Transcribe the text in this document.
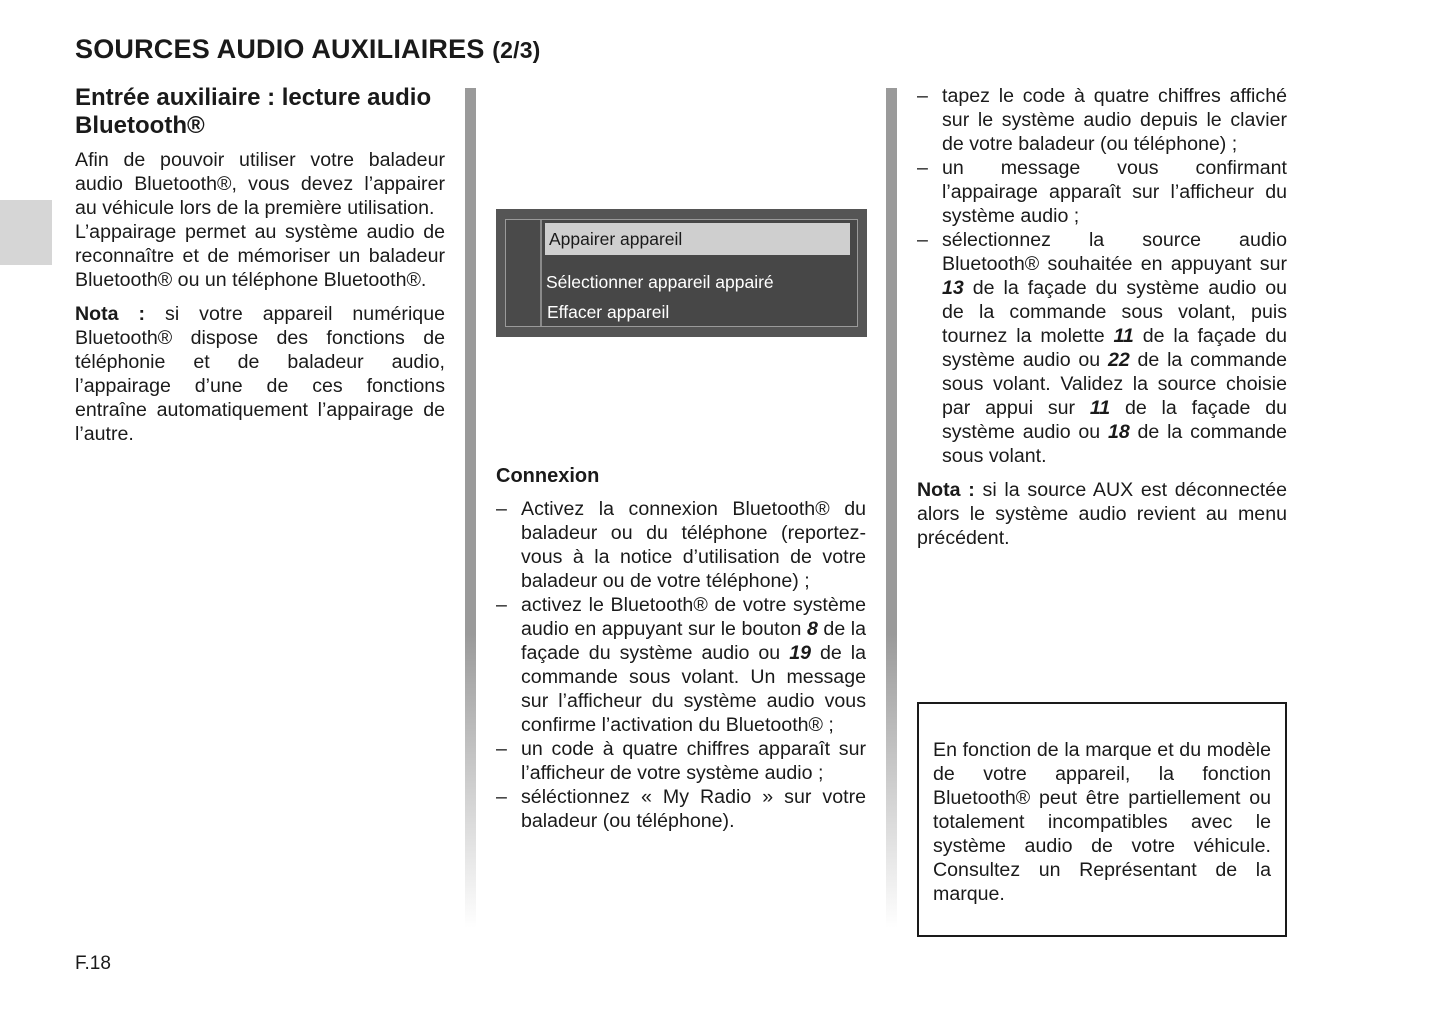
SOURCES AUDIO AUXILIAIRES (2/3)
Entrée auxiliaire : lecture audio Bluetooth®

Afin de pouvoir utiliser votre baladeur audio Bluetooth®, vous devez l’appairer au véhicule lors de la première utilisation.

L’appairage permet au système audio de reconnaître et de mémoriser un baladeur Bluetooth® ou un téléphone Bluetooth®.

Nota : si votre appareil numérique Bluetooth® dispose des fonctions de téléphonie et de baladeur audio, l’appairage d’une de ces fonctions entraîne automatiquement l’appairage de l’autre.

Appairer appareil
Sélectionner appareil appairé
Effacer appareil
Connexion
– Activez la connexion Bluetooth® du baladeur ou du téléphone (reportez-vous à la notice d’utilisation de votre baladeur ou de votre téléphone) ;
– activez le Bluetooth® de votre système audio en appuyant sur le bouton 8 de la façade du système audio ou 19 de la commande sous volant. Un message sur l’afficheur du système audio vous confirme l’activation du Bluetooth® ;
– un code à quatre chiffres apparaît sur l’afficheur de votre système audio ;
– séléctionnez « My Radio » sur votre baladeur (ou téléphone).
– tapez le code à quatre chiffres affiché sur le système audio depuis le clavier de votre baladeur (ou téléphone) ;
– un message vous confirmant l’appairage apparaît sur l’afficheur du système audio ;
– sélectionnez la source audio Bluetooth® souhaitée en appuyant sur 13 de la façade du système audio ou de la commande sous volant, puis tournez la molette 11 de la façade du système audio ou 22 de la commande sous volant. Validez la source choisie par appui sur 11 de la façade du système audio ou 18 de la commande sous volant.

Nota : si la source AUX est déconnectée alors le système audio revient au menu précédent.

En fonction de la marque et du modèle de votre appareil, la fonction Bluetooth® peut être partiellement ou totalement incompatibles avec le système audio de votre véhicule. Consultez un Représentant de la marque.

F.18
